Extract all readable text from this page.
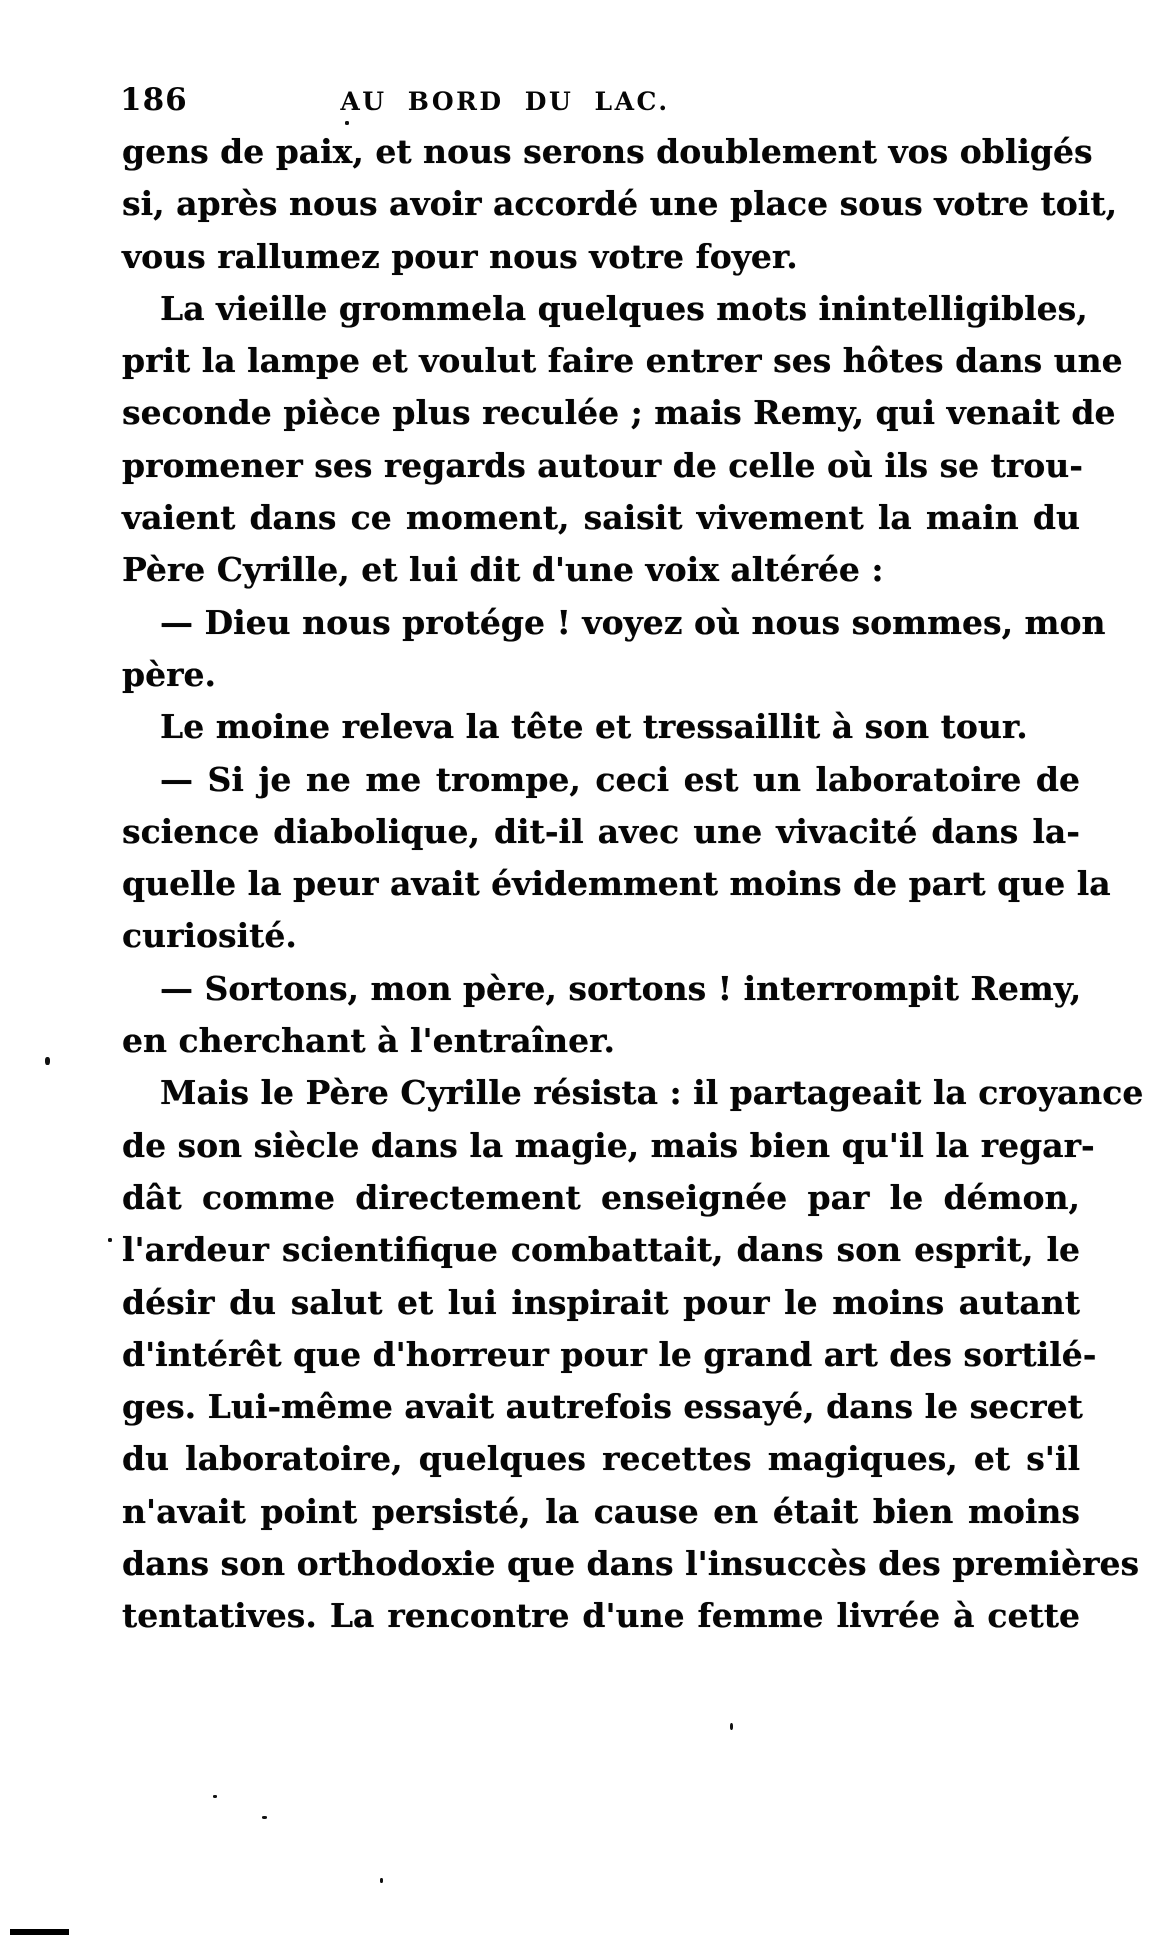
186	AU BORD DU LAC.
gens de paix, et nous serons doublement vos obligés
si, après nous avoir accordé une place sous votre toit,
vous rallumez pour nous votre foyer.
La vieille grommela quelques mots inintelligibles,
prit la lampe et voulut faire entrer ses hôtes dans une
seconde pièce plus reculée ; mais Remy, qui venait de
promener ses regards autour de celle où ils se trou-
vaient dans ce moment, saisit vivement la main du
Père Cyrille, et lui dit d'une voix altérée :
— Dieu nous protége ! voyez où nous sommes, mon
père.
Le moine releva la tête et tressaillit à son tour.
— Si je ne me trompe, ceci est un laboratoire de
science diabolique, dit-il avec une vivacité dans la-
quelle la peur avait évidemment moins de part que la
curiosité.
— Sortons, mon père, sortons ! interrompit Remy,
en cherchant à l'entraîner.
Mais le Père Cyrille résista : il partageait la croyance
de son siècle dans la magie, mais bien qu'il la regar-
dât comme directement enseignée par le démon,
l'ardeur scientifique combattait, dans son esprit, le
désir du salut et lui inspirait pour le moins autant
d'intérêt que d'horreur pour le grand art des sortilé-
ges. Lui-même avait autrefois essayé, dans le secret
du laboratoire, quelques recettes magiques, et s'il
n'avait point persisté, la cause en était bien moins
dans son orthodoxie que dans l'insuccès des premières
tentatives. La rencontre d'une femme livrée à cette
